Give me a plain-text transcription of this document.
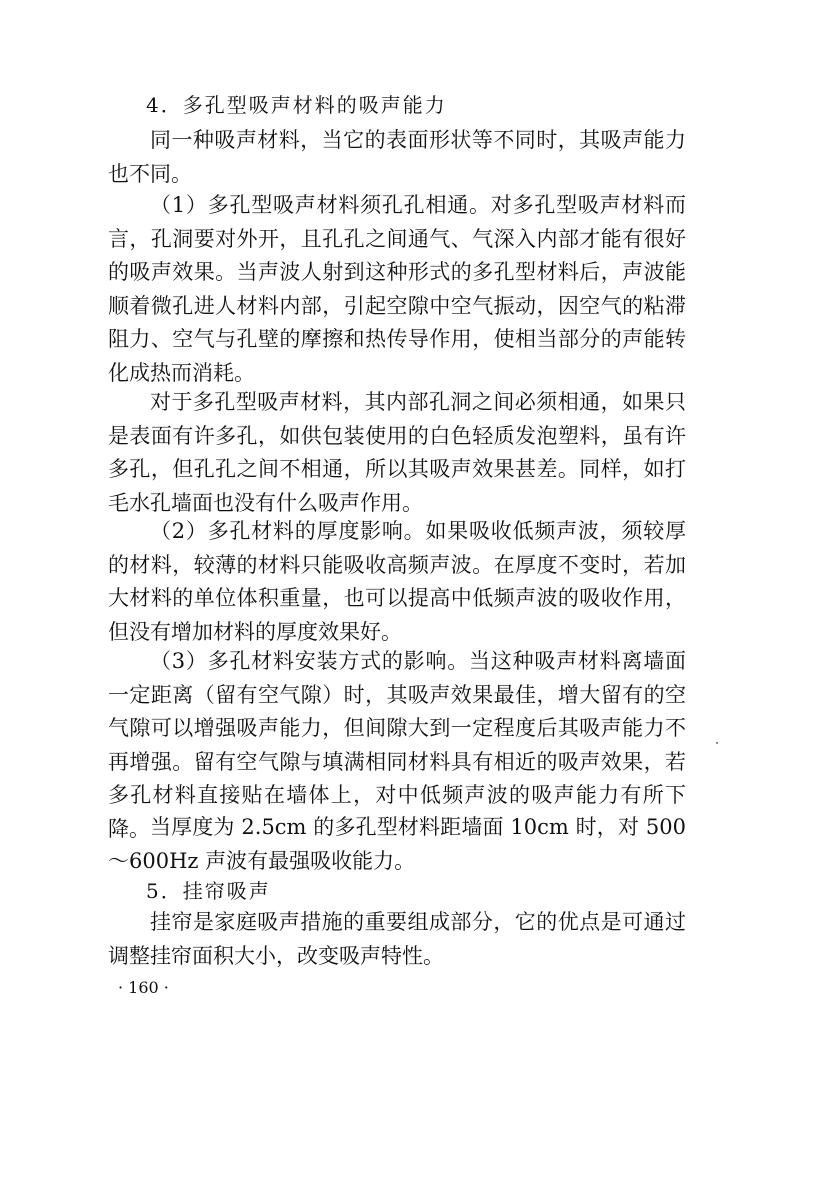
4．多孔型吸声材料的吸声能力

同一种吸声材料，当它的表面形状等不同时，其吸声能力也不同。

（1）多孔型吸声材料须孔孔相通。对多孔型吸声材料而言，孔洞要对外开，且孔孔之间通气、气深入内部才能有很好的吸声效果。当声波人射到这种形式的多孔型材料后，声波能顺着微孔进人材料内部，引起空隙中空气振动，因空气的粘滞阻力、空气与孔壁的摩擦和热传导作用，使相当部分的声能转化成热而消耗。

对于多孔型吸声材料，其内部孔洞之间必须相通，如果只是表面有许多孔，如供包装使用的白色轻质发泡塑料，虽有许多孔，但孔孔之间不相通，所以其吸声效果甚差。同样，如打毛水孔墙面也没有什么吸声作用。

（2）多孔材料的厚度影响。如果吸收低频声波，须较厚的材料，较薄的材料只能吸收高频声波。在厚度不变时，若加大材料的单位体积重量，也可以提高中低频声波的吸收作用，但没有增加材料的厚度效果好。

（3）多孔材料安装方式的影响。当这种吸声材料离墙面一定距离（留有空气隙）时，其吸声效果最佳，增大留有的空气隙可以增强吸声能力，但间隙大到一定程度后其吸声能力不再增强。留有空气隙与填满相同材料具有相近的吸声效果，若多孔材料直接贴在墙体上，对中低频声波的吸声能力有所下降。 当厚度为 2.5cm 的多孔型材料距墙面 10cm 时，对 500～600Hz 声波有最强吸收能力。

5．挂帘吸声

挂帘是家庭吸声措施的重要组成部分，它的优点是可通过调整挂帘面积大小，改变吸声特性。

· 160 ·
